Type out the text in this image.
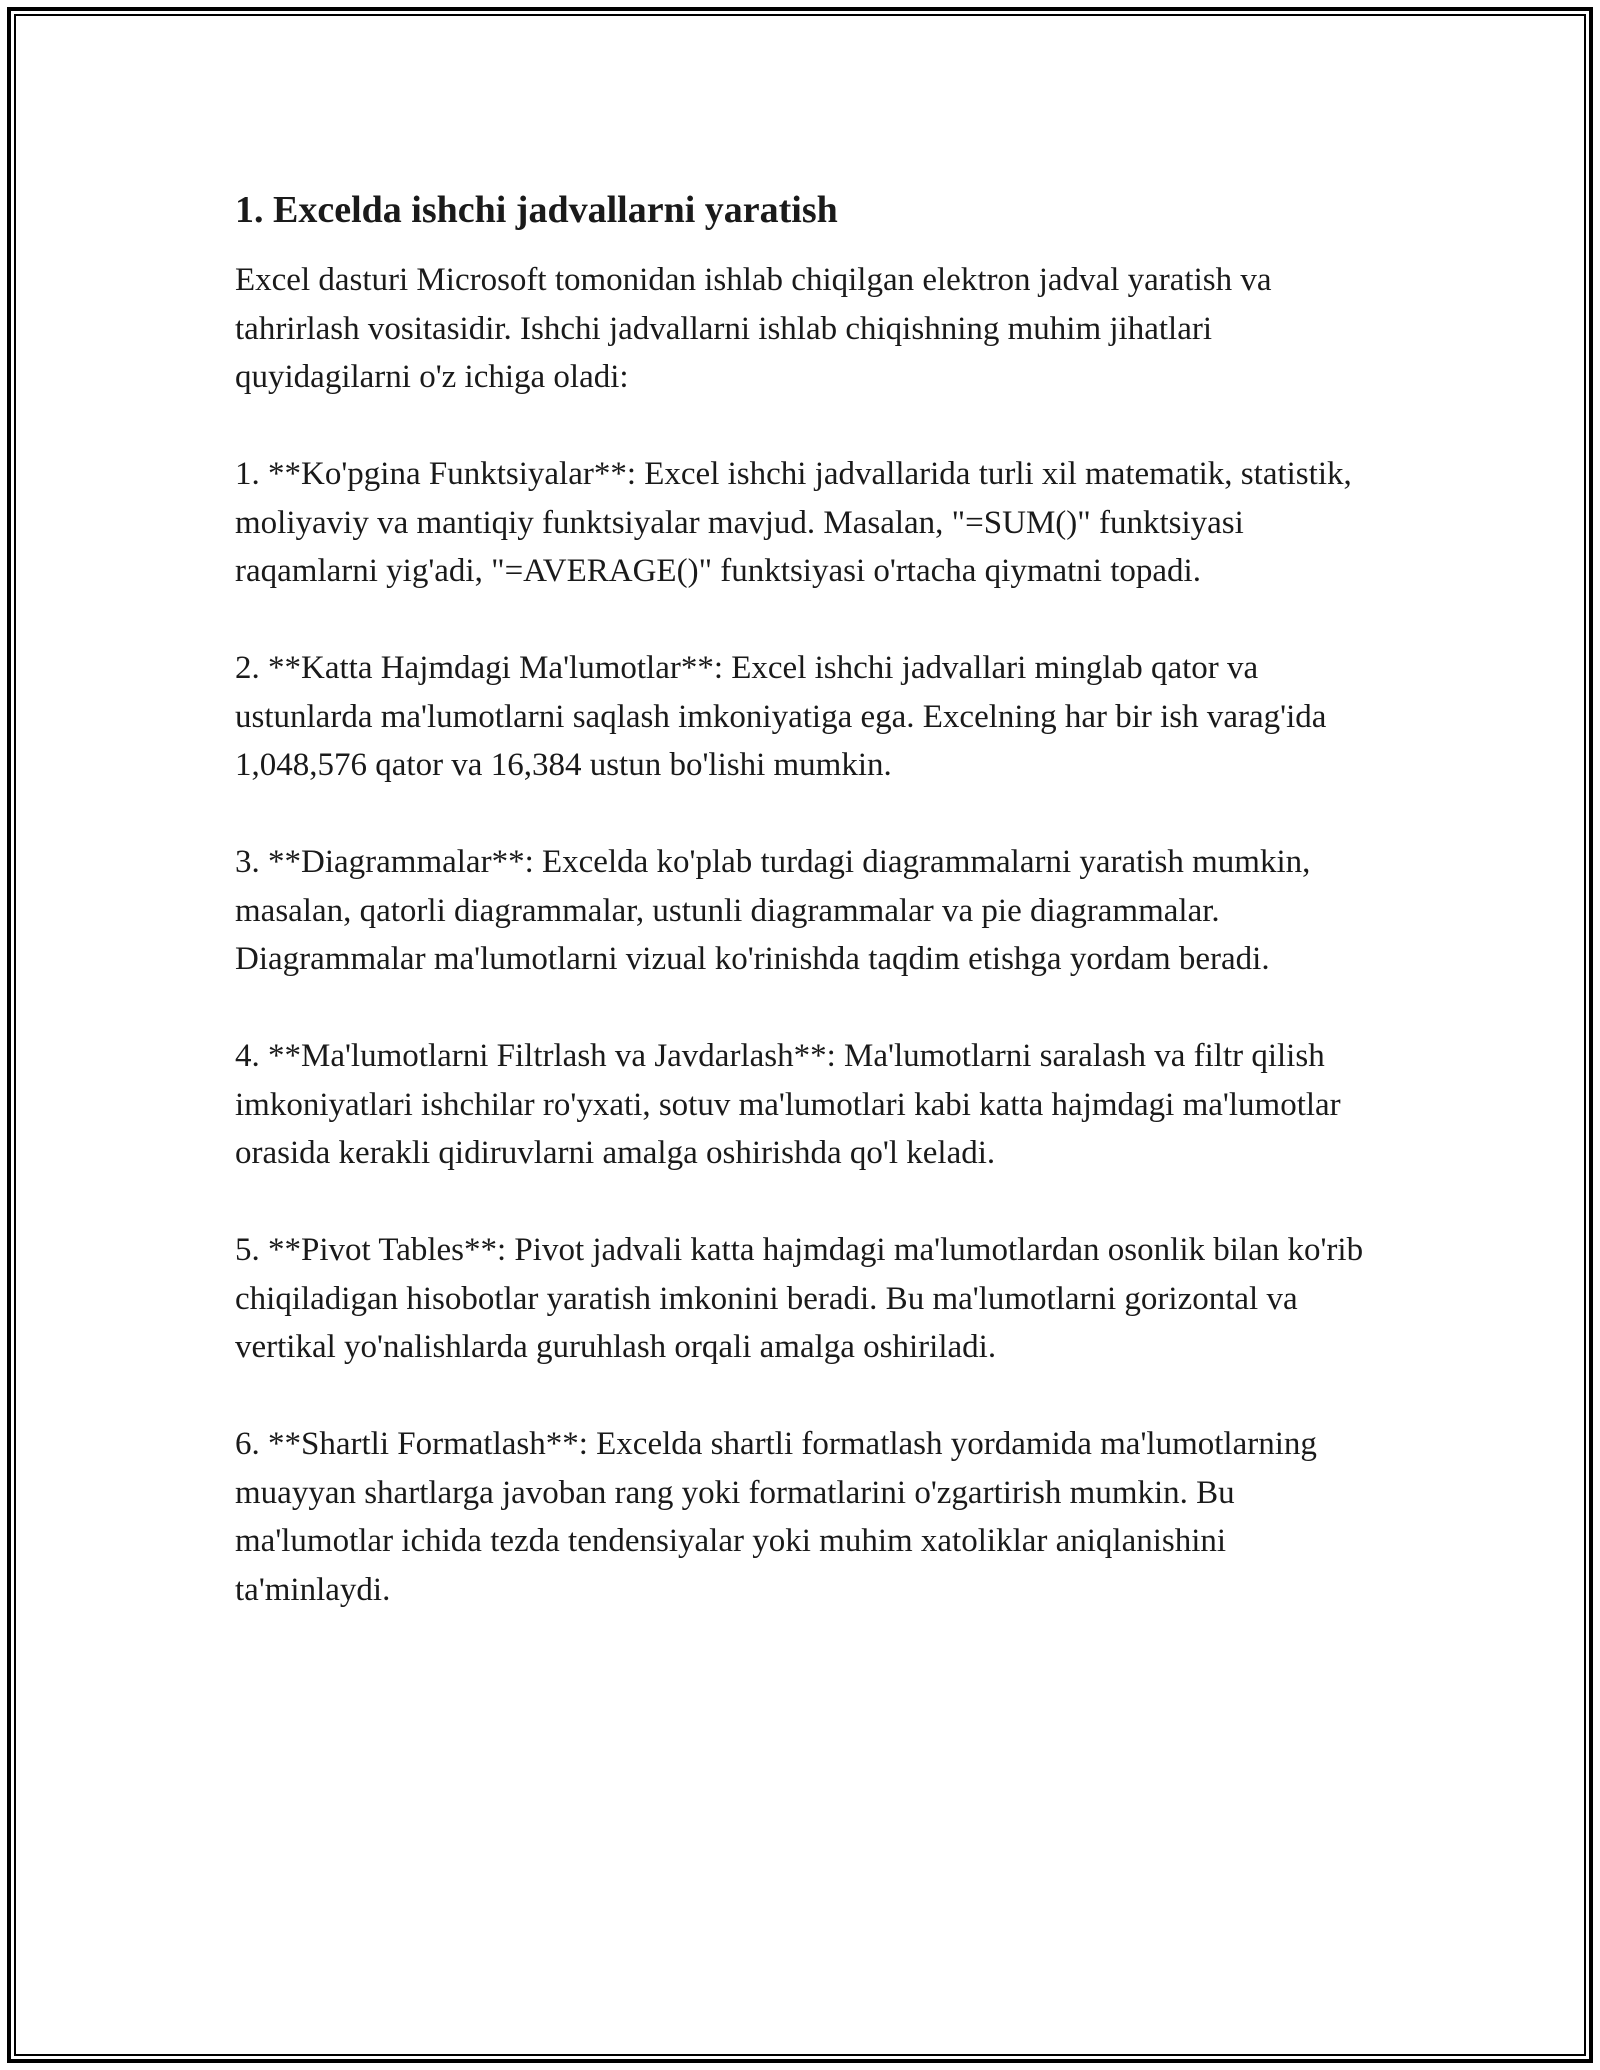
1. Excelda ishchi jadvallarni yaratish

Excel dasturi Microsoft tomonidan ishlab chiqilgan elektron jadval yaratish va tahrirlash vositasidir. Ishchi jadvallarni ishlab chiqishning muhim jihatlari quyidagilarni o'z ichiga oladi:

1. **Ko'pgina Funktsiyalar**: Excel ishchi jadvallarida turli xil matematik, statistik, moliyaviy va mantiqiy funktsiyalar mavjud. Masalan, "=SUM()" funktsiyasi raqamlarni yig'adi, "=AVERAGE()" funktsiyasi o'rtacha qiymatni topadi.

2. **Katta Hajmdagi Ma'lumotlar**: Excel ishchi jadvallari minglab qator va ustunlarda ma'lumotlarni saqlash imkoniyatiga ega. Excelning har bir ish varag'ida 1,048,576 qator va 16,384 ustun bo'lishi mumkin.

3. **Diagrammalar**: Excelda ko'plab turdagi diagrammalarni yaratish mumkin, masalan, qatorli diagrammalar, ustunli diagrammalar va pie diagrammalar. Diagrammalar ma'lumotlarni vizual ko'rinishda taqdim etishga yordam beradi.

4. **Ma'lumotlarni Filtrlash va Javdarlash**: Ma'lumotlarni saralash va filtr qilish imkoniyatlari ishchilar ro'yxati, sotuv ma'lumotlari kabi katta hajmdagi ma'lumotlar orasida kerakli qidiruvlarni amalga oshirishda qo'l keladi.

5. **Pivot Tables**: Pivot jadvali katta hajmdagi ma'lumotlardan osonlik bilan ko'rib chiqiladigan hisobotlar yaratish imkonini beradi. Bu ma'lumotlarni gorizontal va vertikal yo'nalishlarda guruhlash orqali amalga oshiriladi.

6. **Shartli Formatlash**: Excelda shartli formatlash yordamida ma'lumotlarning muayyan shartlarga javoban rang yoki formatlarini o'zgartirish mumkin. Bu ma'lumotlar ichida tezda tendensiyalar yoki muhim xatoliklar aniqlanishini ta'minlaydi.
